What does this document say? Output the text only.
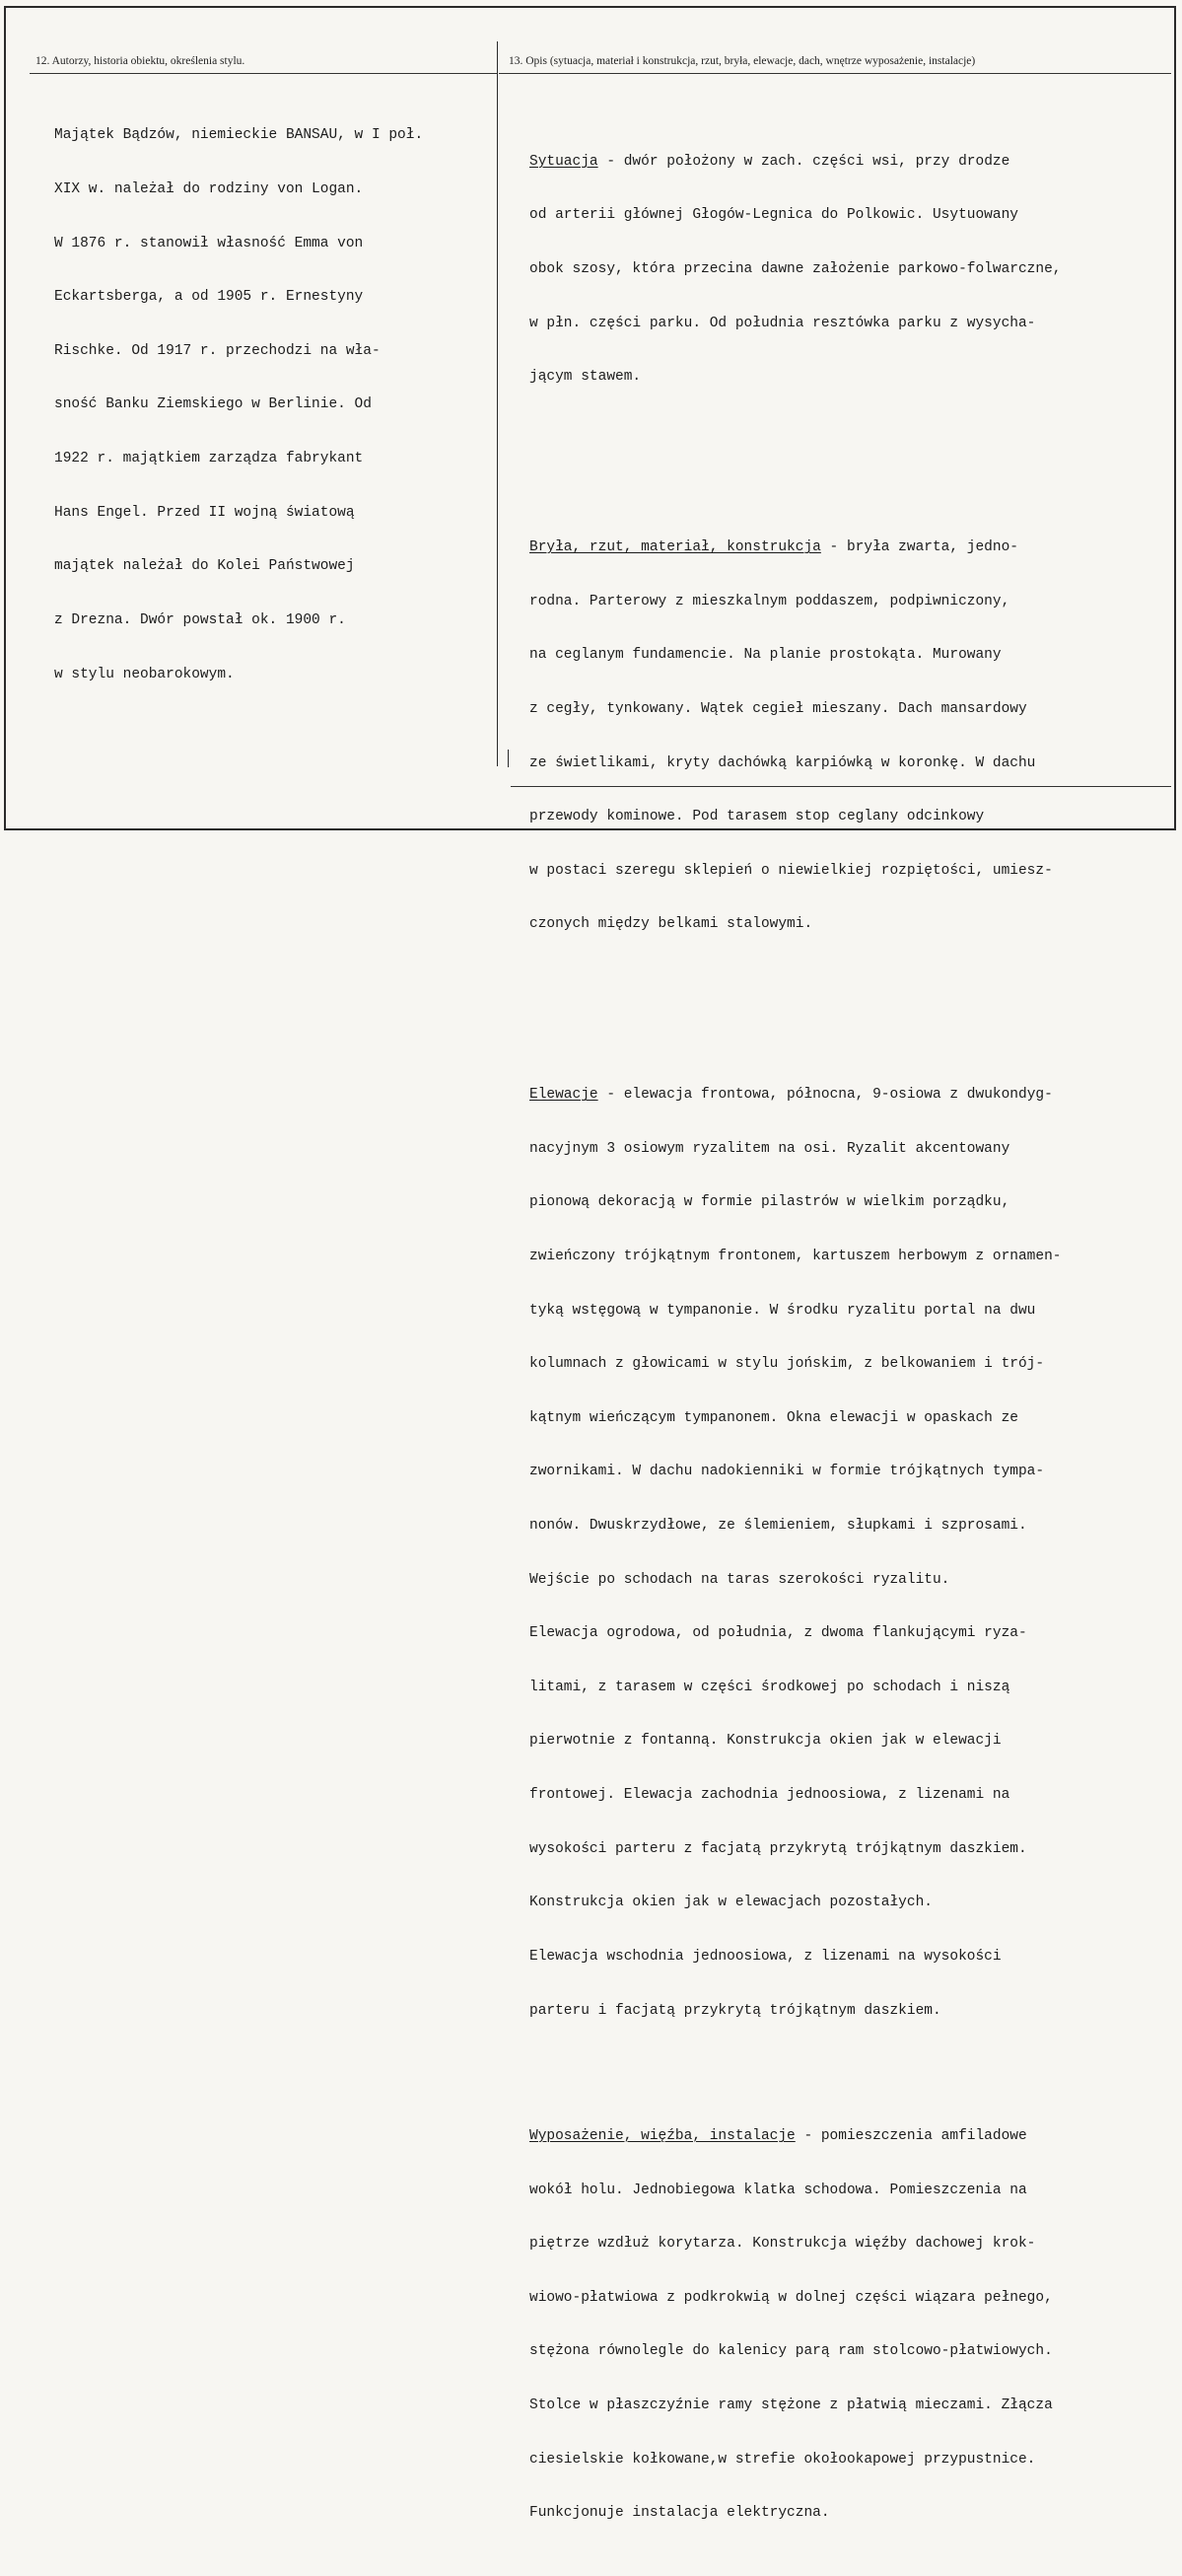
12. Autorzy, historia obiektu, określenia stylu.	13. Opis (sytuacja, materiał i konstrukcja, rzut, bryła, elewacje, dach, wnętrze wyposażenie, instalacje)

Majątek Bądzów, niemieckie BANSAU, w I poł.

XIX w. należał do rodziny von Logan.

W 1876 r. stanowił własność Emma von

Eckartsberga, a od 1905 r. Ernestyny

Rischke. Od 1917 r. przechodzi na wła-

sność Banku Ziemskiego w Berlinie. Od

1922 r. majątkiem zarządza fabrykant

Hans Engel. Przed II wojną światową

majątek należał do Kolei Państwowej

z Drezna. Dwór powstał ok. 1900 r.

w stylu neobarokowym.

Sytuacja - dwór położony w zach. części wsi, przy drodze

od arterii głównej Głogów-Legnica do Polkowic. Usytuowany

obok szosy, która przecina dawne założenie parkowo-folwarczne,

w płn. części parku. Od południa resztówka parku z wysycha-

jącym stawem.

Bryła, rzut, materiał, konstrukcja - bryła zwarta, jedno-

rodna. Parterowy z mieszkalnym poddaszem, podpiwniczony,

na ceglanym fundamencie. Na planie prostokąta. Murowany

z cegły, tynkowany. Wątek cegieł mieszany. Dach mansardowy

ze świetlikami, kryty dachówką karpiówką w koronkę. W dachu

przewody kominowe. Pod tarasem stop ceglany odcinkowy

w postaci szeregu sklepień o niewielkiej rozpiętości, umiesz-

czonych między belkami stalowymi.

Elewacje - elewacja frontowa, północna, 9-osiowa z dwukondyg-

nacyjnym 3 osiowym ryzalitem na osi. Ryzalit akcentowany

pionową dekoracją w formie pilastrów w wielkim porządku,

zwieńczony trójkątnym frontonem, kartuszem herbowym z ornamen-

tyką wstęgową w tympanonie. W środku ryzalitu portal na dwu

kolumnach z głowicami w stylu jońskim, z belkowaniem i trój-

kątnym wieńczącym tympanonem. Okna elewacji w opaskach ze

zwornikami. W dachu nadokienniki w formie trójkątnych tympa-

nonów. Dwuskrzydłowe, ze ślemieniem, słupkami i szprosami.

Wejście po schodach na taras szerokości ryzalitu.

Elewacja ogrodowa, od południa, z dwoma flankującymi ryza-

litami, z tarasem w części środkowej po schodach i niszą

pierwotnie z fontanną. Konstrukcja okien jak w elewacji

frontowej. Elewacja zachodnia jednoosiowa, z lizenami na

wysokości parteru z facjatą przykrytą trójkątnym daszkiem.

Konstrukcja okien jak w elewacjach pozostałych.

Elewacja wschodnia jednoosiowa, z lizenami na wysokości

parteru i facjatą przykrytą trójkątnym daszkiem.

Wyposażenie, więźba, instalacje - pomieszczenia amfiladowe

wokół holu. Jednobiegowa klatka schodowa. Pomieszczenia na

piętrze wzdłuż korytarza. Konstrukcja więźby dachowej krok-

wiowo-płatwiowa z podkrokwią w dolnej części wiązara pełnego,

stężona równolegle do kalenicy parą ram stolcowo-płatwiowych.

Stolce w płaszczyźnie ramy stężone z płatwią mieczami. Złącza

ciesielskie kołkowane,w strefie okołookapowej przypustnice.

Funkcjonuje instalacja elektryczna.
